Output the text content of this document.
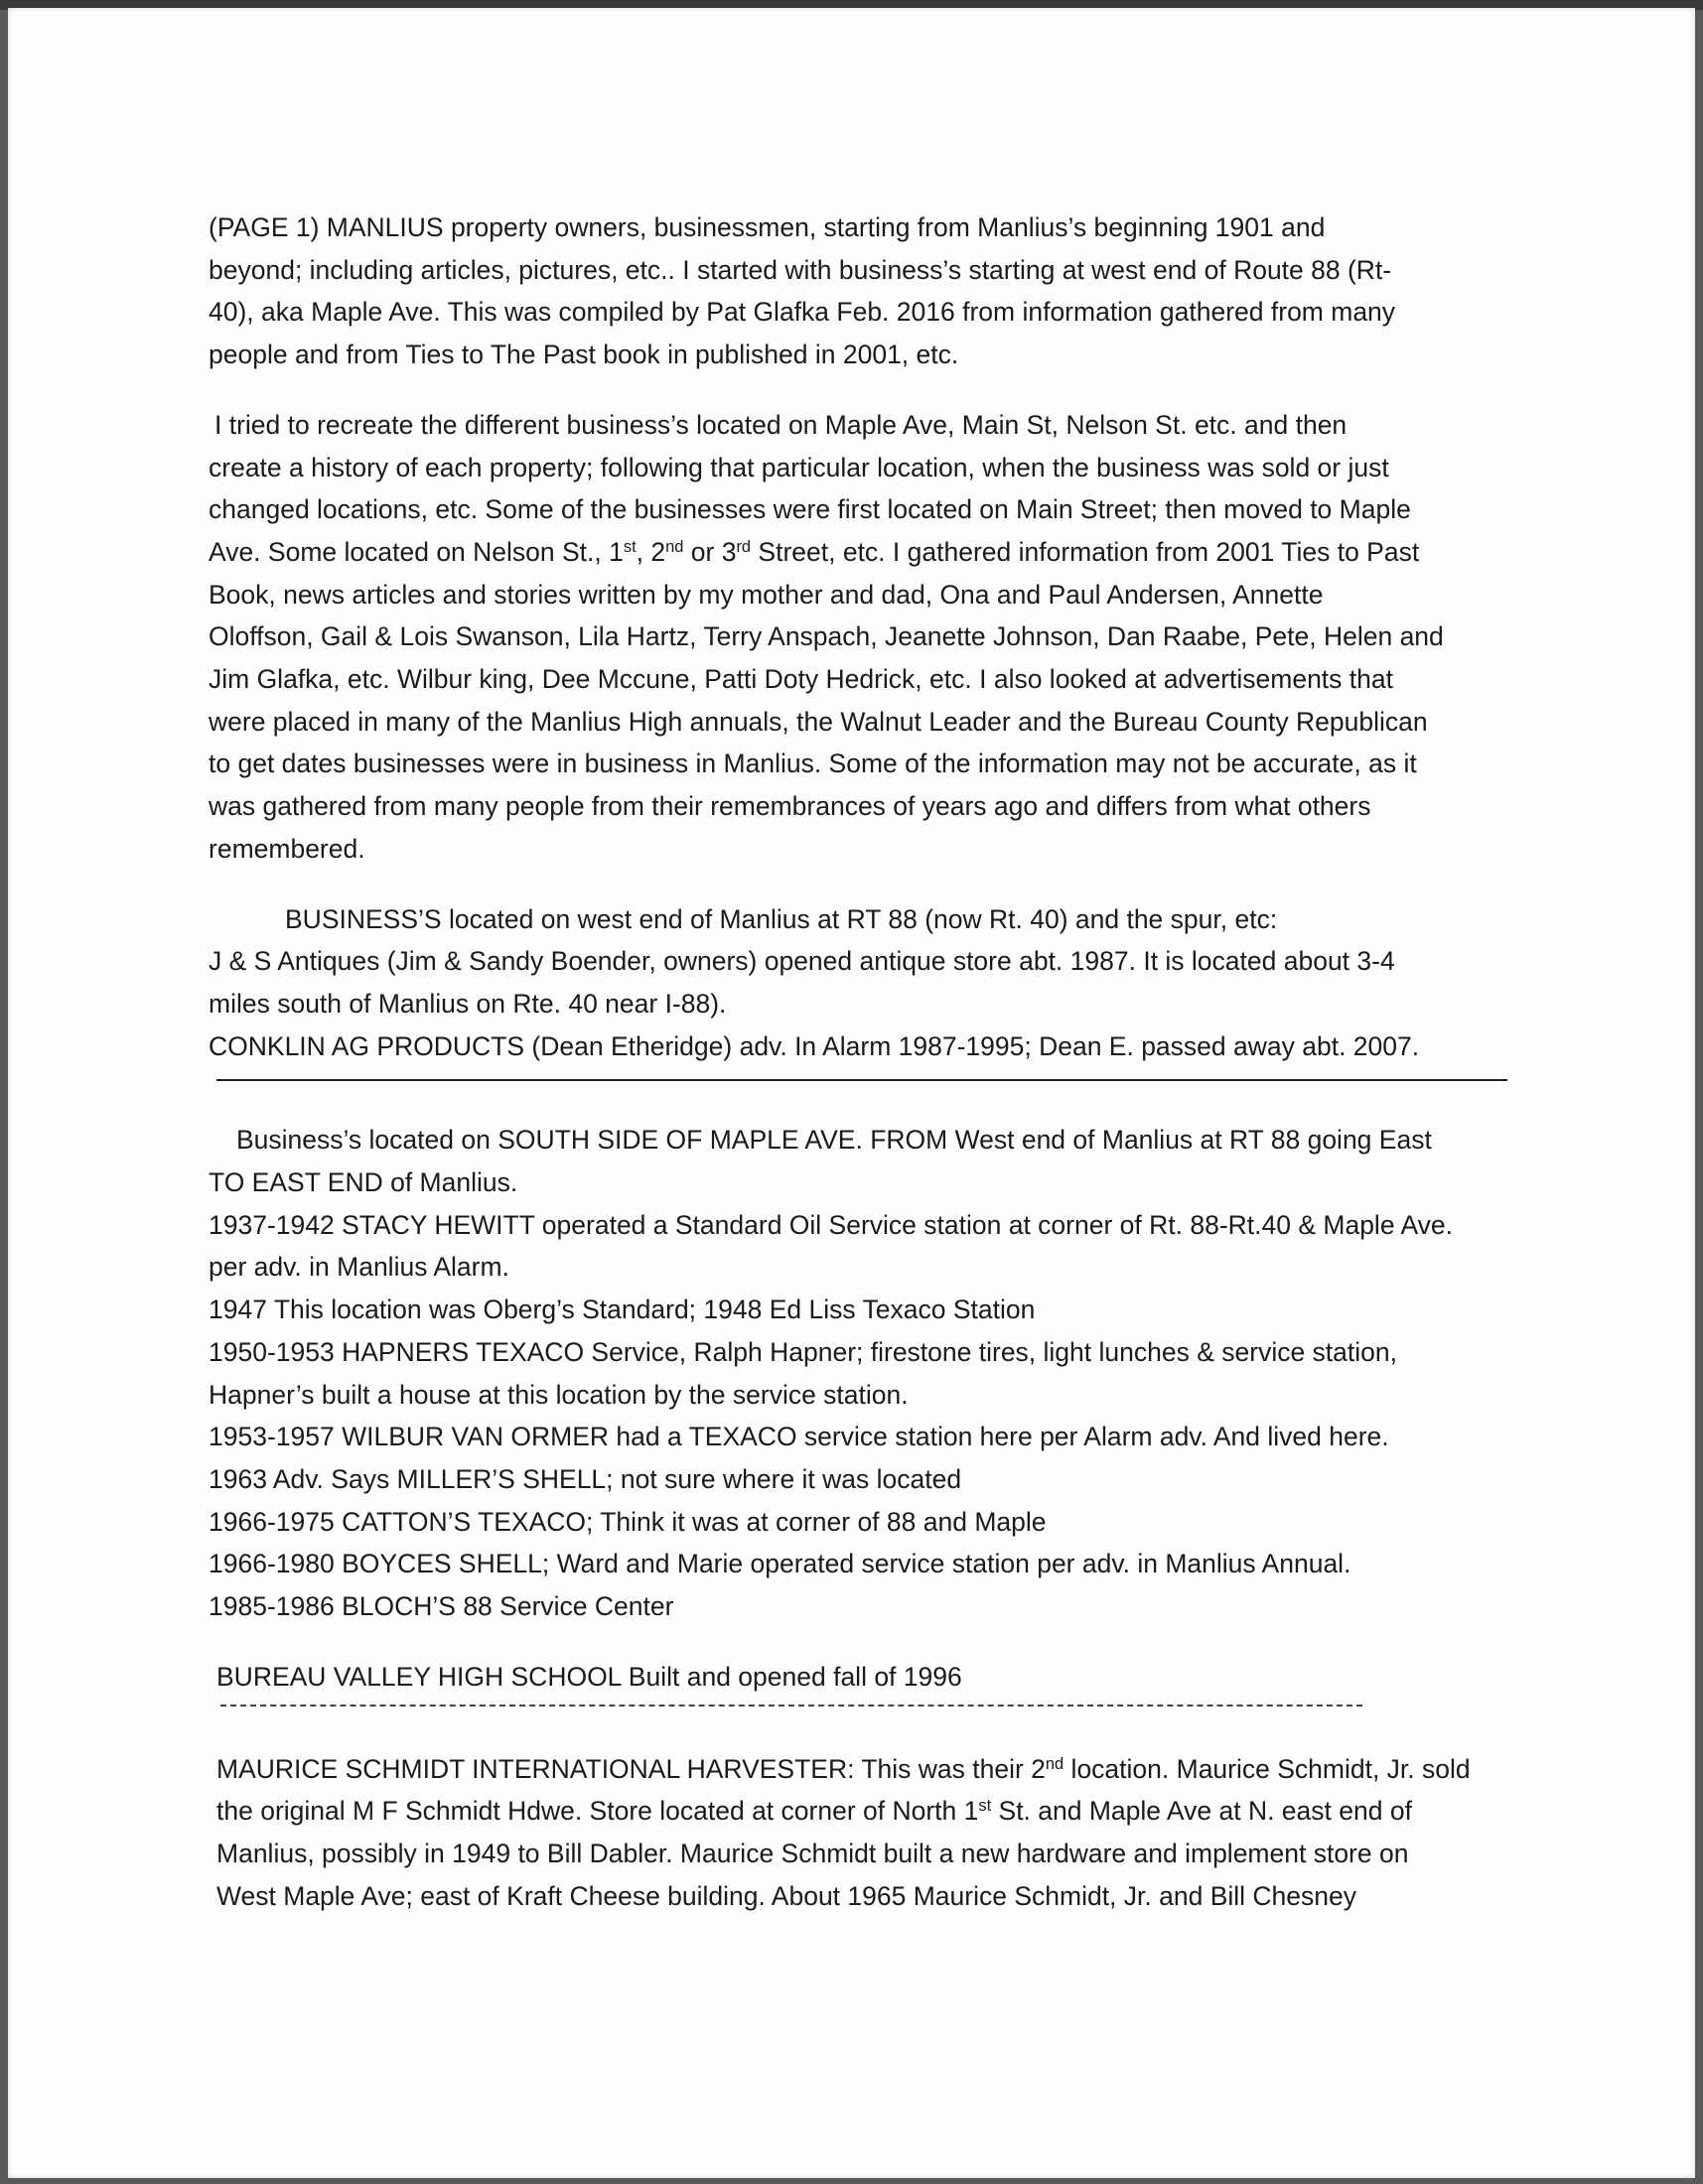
(PAGE 1) MANLIUS property owners, businessmen, starting from Manlius’s beginning 1901 and
beyond; including articles, pictures, etc.. I started with business’s starting at west end of Route 88 (Rt-
40), aka Maple Ave. This was compiled by Pat Glafka Feb. 2016 from information gathered from many
people and from Ties to The Past book in published in 2001, etc.
I tried to recreate the different business’s located on Maple Ave, Main St, Nelson St. etc. and then
create a history of each property; following that particular location, when the business was sold or just
changed locations, etc. Some of the businesses were first located on Main Street; then moved to Maple
Ave. Some located on Nelson St., 1st, 2nd or 3rd Street, etc. I gathered information from 2001 Ties to Past
Book, news articles and stories written by my mother and dad, Ona and Paul Andersen, Annette
Oloffson, Gail & Lois Swanson, Lila Hartz, Terry Anspach, Jeanette Johnson, Dan Raabe, Pete, Helen and
Jim Glafka, etc. Wilbur king, Dee Mccune, Patti Doty Hedrick, etc. I also looked at advertisements that
were placed in many of the Manlius High annuals, the Walnut Leader and the Bureau County Republican
to get dates businesses were in business in Manlius. Some of the information may not be accurate, as it
was gathered from many people from their remembrances of years ago and differs from what others
remembered.
BUSINESS’S located on west end of Manlius at RT 88 (now Rt. 40) and the spur, etc:
J & S Antiques (Jim & Sandy Boender, owners) opened antique store abt. 1987. It is located about 3-4
miles south of Manlius on Rte. 40 near I-88).
CONKLIN AG PRODUCTS (Dean Etheridge) adv. In Alarm 1987-1995; Dean E. passed away abt. 2007.
Business’s located on SOUTH SIDE OF MAPLE AVE. FROM West end of Manlius at RT 88 going East
TO EAST END of Manlius.
1937-1942 STACY HEWITT operated a Standard Oil Service station at corner of Rt. 88-Rt.40 & Maple Ave.
per adv. in Manlius Alarm.
1947 This location was Oberg’s Standard; 1948 Ed Liss Texaco Station
1950-1953 HAPNERS TEXACO Service, Ralph Hapner; firestone tires, light lunches & service station,
Hapner’s built a house at this location by the service station.
1953-1957 WILBUR VAN ORMER had a TEXACO service station here per Alarm adv. And lived here.
1963 Adv. Says MILLER’S SHELL; not sure where it was located
1966-1975 CATTON’S TEXACO; Think it was at corner of 88 and Maple
1966-1980 BOYCES SHELL; Ward and Marie operated service station per adv. in Manlius Annual.
1985-1986 BLOCH’S 88 Service Center
BUREAU VALLEY HIGH SCHOOL Built and opened fall of 1996
MAURICE SCHMIDT INTERNATIONAL HARVESTER: This was their 2nd location. Maurice Schmidt, Jr. sold
the original M F Schmidt Hdwe. Store located at corner of North 1st St. and Maple Ave at N. east end of
Manlius, possibly in 1949 to Bill Dabler. Maurice Schmidt built a new hardware and implement store on
West Maple Ave; east of Kraft Cheese building. About 1965 Maurice Schmidt, Jr. and Bill Chesney
